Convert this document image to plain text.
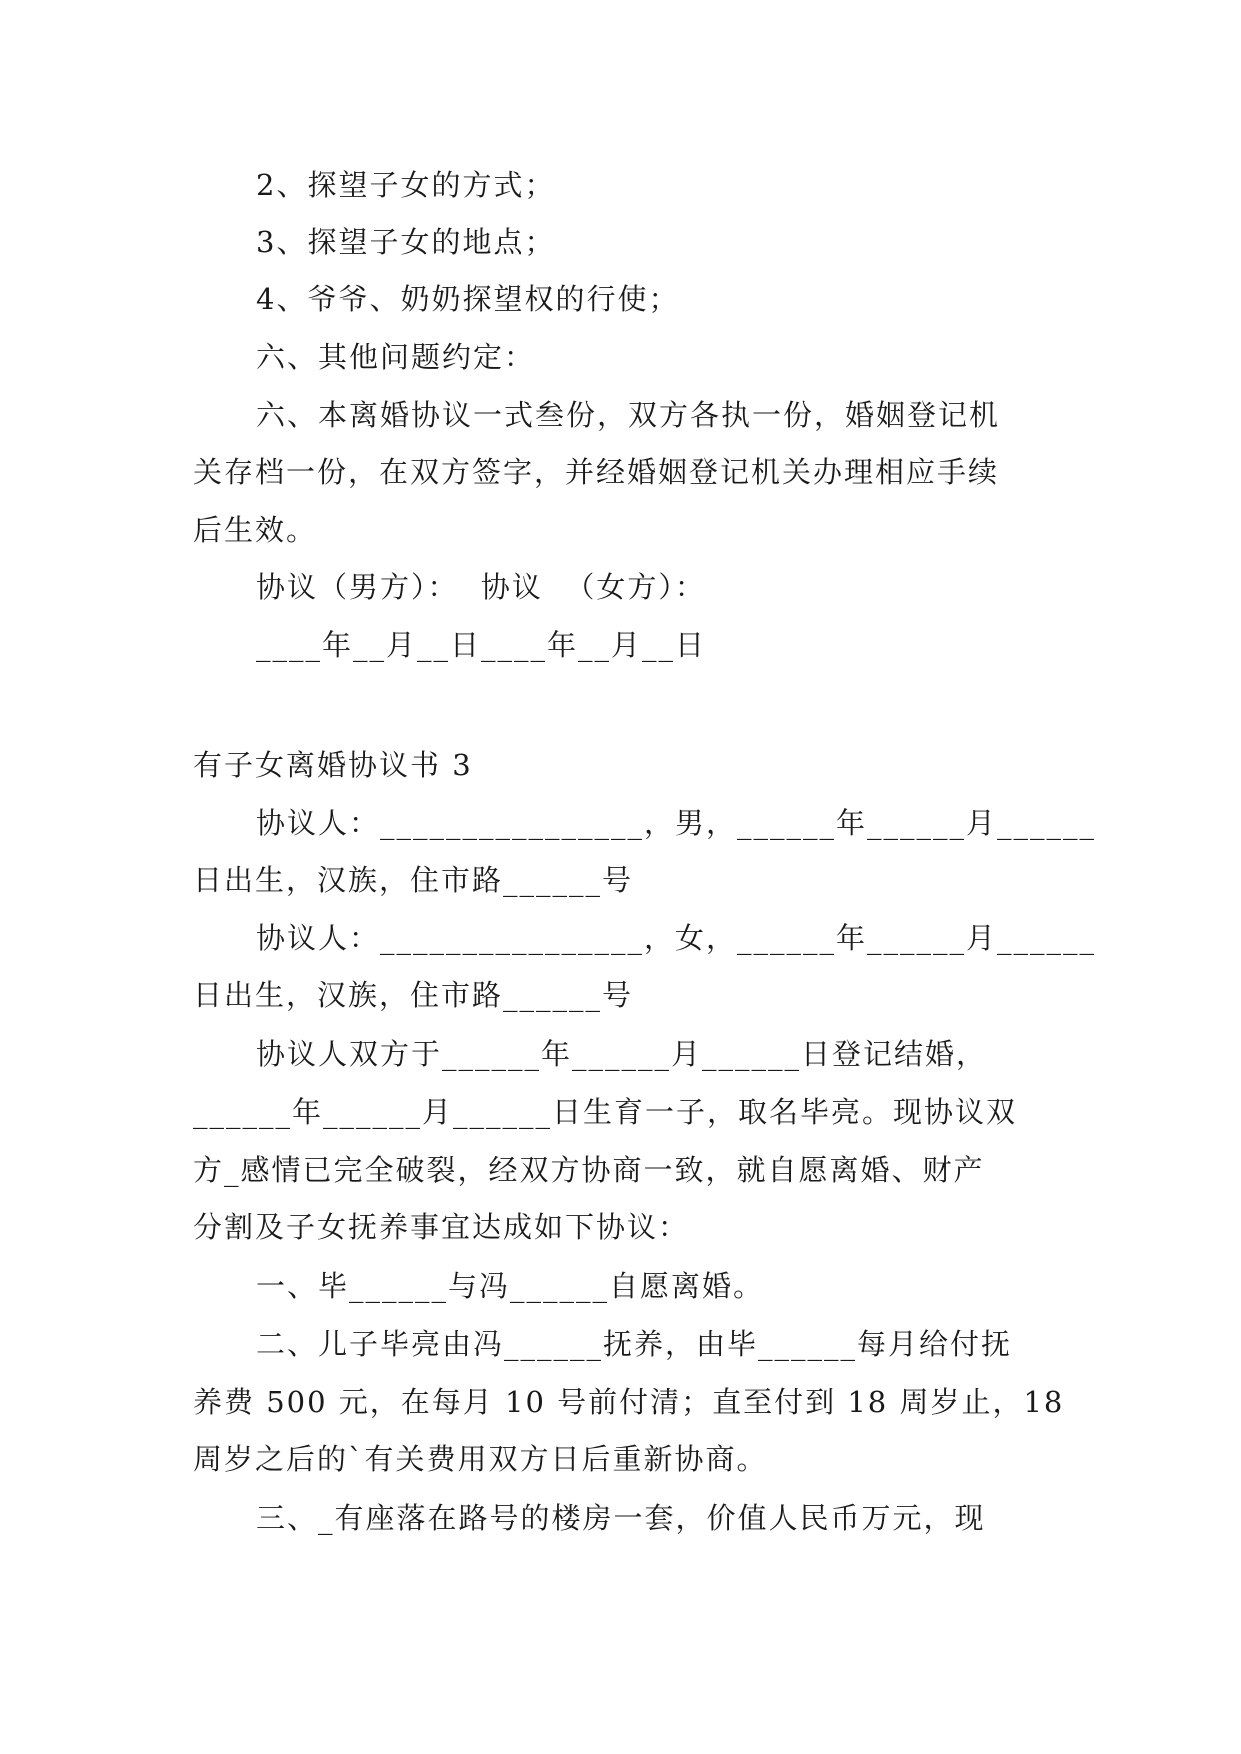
2、探望子女的方式；
3、探望子女的地点；
4、爷爷、奶奶探望权的行使；
六、其他问题约定：
六、本离婚协议一式叁份，双方各执一份，婚姻登记机
关存档一份，在双方签字，并经婚姻登记机关办理相应手续
后生效。
协议（男方）：  协议  （女方）：
____年__月__日____年__月__日
有子女离婚协议书 3
协议人：________________，男，______年______月______
日出生，汉族，住市路______号
协议人：________________，女，______年______月______
日出生，汉族，住市路______号
协议人双方于______年______月______日登记结婚，
______年______月______日生育一子，取名毕亮。现协议双
方_感情已完全破裂，经双方协商一致，就自愿离婚、财产
分割及子女抚养事宜达成如下协议：
一、毕______与冯______自愿离婚。
二、儿子毕亮由冯______抚养，由毕______每月给付抚
养费 500 元，在每月 10 号前付清；直至付到 18 周岁止，18
周岁之后的`有关费用双方日后重新协商。
三、_有座落在路号的楼房一套，价值人民币万元，现
